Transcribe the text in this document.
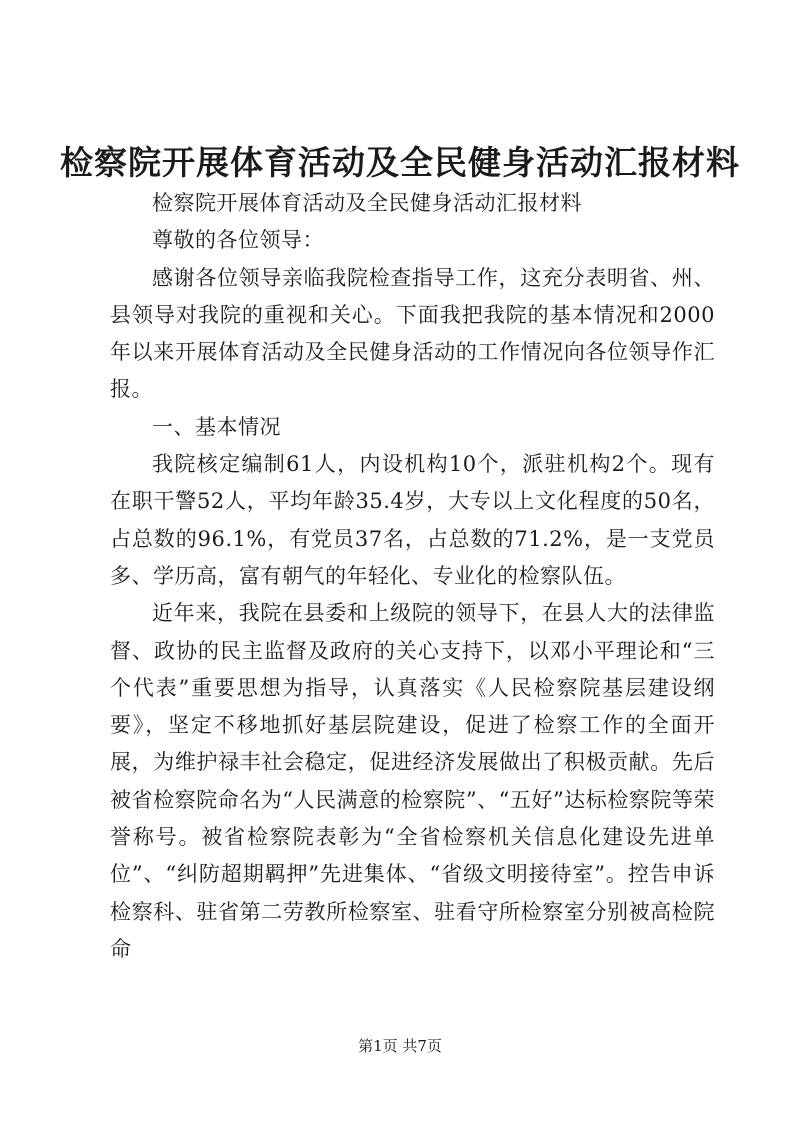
检察院开展体育活动及全民健身活动汇报材料

检察院开展体育活动及全民健身活动汇报材料

尊敬的各位领导：

感谢各位领导亲临我院检查指导工作，这充分表明省、州、县领导对我院的重视和关心。下面我把我院的基本情况和2000年以来开展体育活动及全民健身活动的工作情况向各位领导作汇报。

一、基本情况

我院核定编制61人，内设机构10个，派驻机构2个。现有在职干警52人，平均年龄35.4岁，大专以上文化程度的50名，占总数的96.1%，有党员37名，占总数的71.2%，是一支党员多、学历高，富有朝气的年轻化、专业化的检察队伍。

近年来，我院在县委和上级院的领导下，在县人大的法律监督、政协的民主监督及政府的关心支持下，以邓小平理论和“三个代表”重要思想为指导，认真落实《人民检察院基层建设纲要》，坚定不移地抓好基层院建设，促进了检察工作的全面开展，为维护禄丰社会稳定，促进经济发展做出了积极贡献。先后被省检察院命名为“人民满意的检察院”、“五好”达标检察院等荣誉称号。被省检察院表彰为“全省检察机关信息化建设先进单位”、“纠防超期羁押”先进集体、“省级文明接待室”。控告申诉检察科、驻省第二劳教所检察室、驻看守所检察室分别被高检院命

第1页 共7页
